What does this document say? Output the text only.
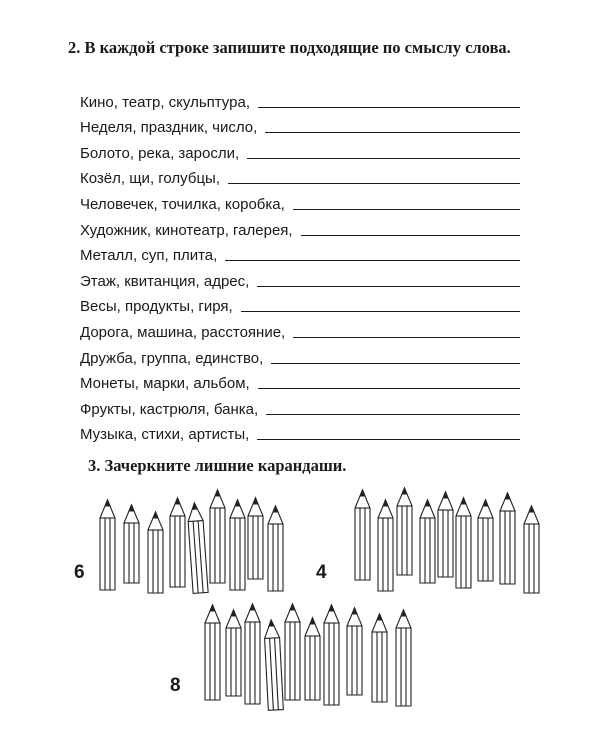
2. В каждой строке запишите подходящие по смыслу слова.
Кино, театр, скульптура,
Неделя, праздник, число,
Болото, река, заросли,
Козёл, щи, голубцы,
Человечек, точилка, коробка,
Художник, кинотеатр, галерея,
Металл, суп, плита,
Этаж, квитанция, адрес,
Весы, продукты, гиря,
Дорога, машина, расстояние,
Дружба, группа, единство,
Монеты, марки, альбом,
Фрукты, кастрюля, банка,
Музыка, стихи, артисты,
3. Зачеркните лишние карандаши.
6	4
8
